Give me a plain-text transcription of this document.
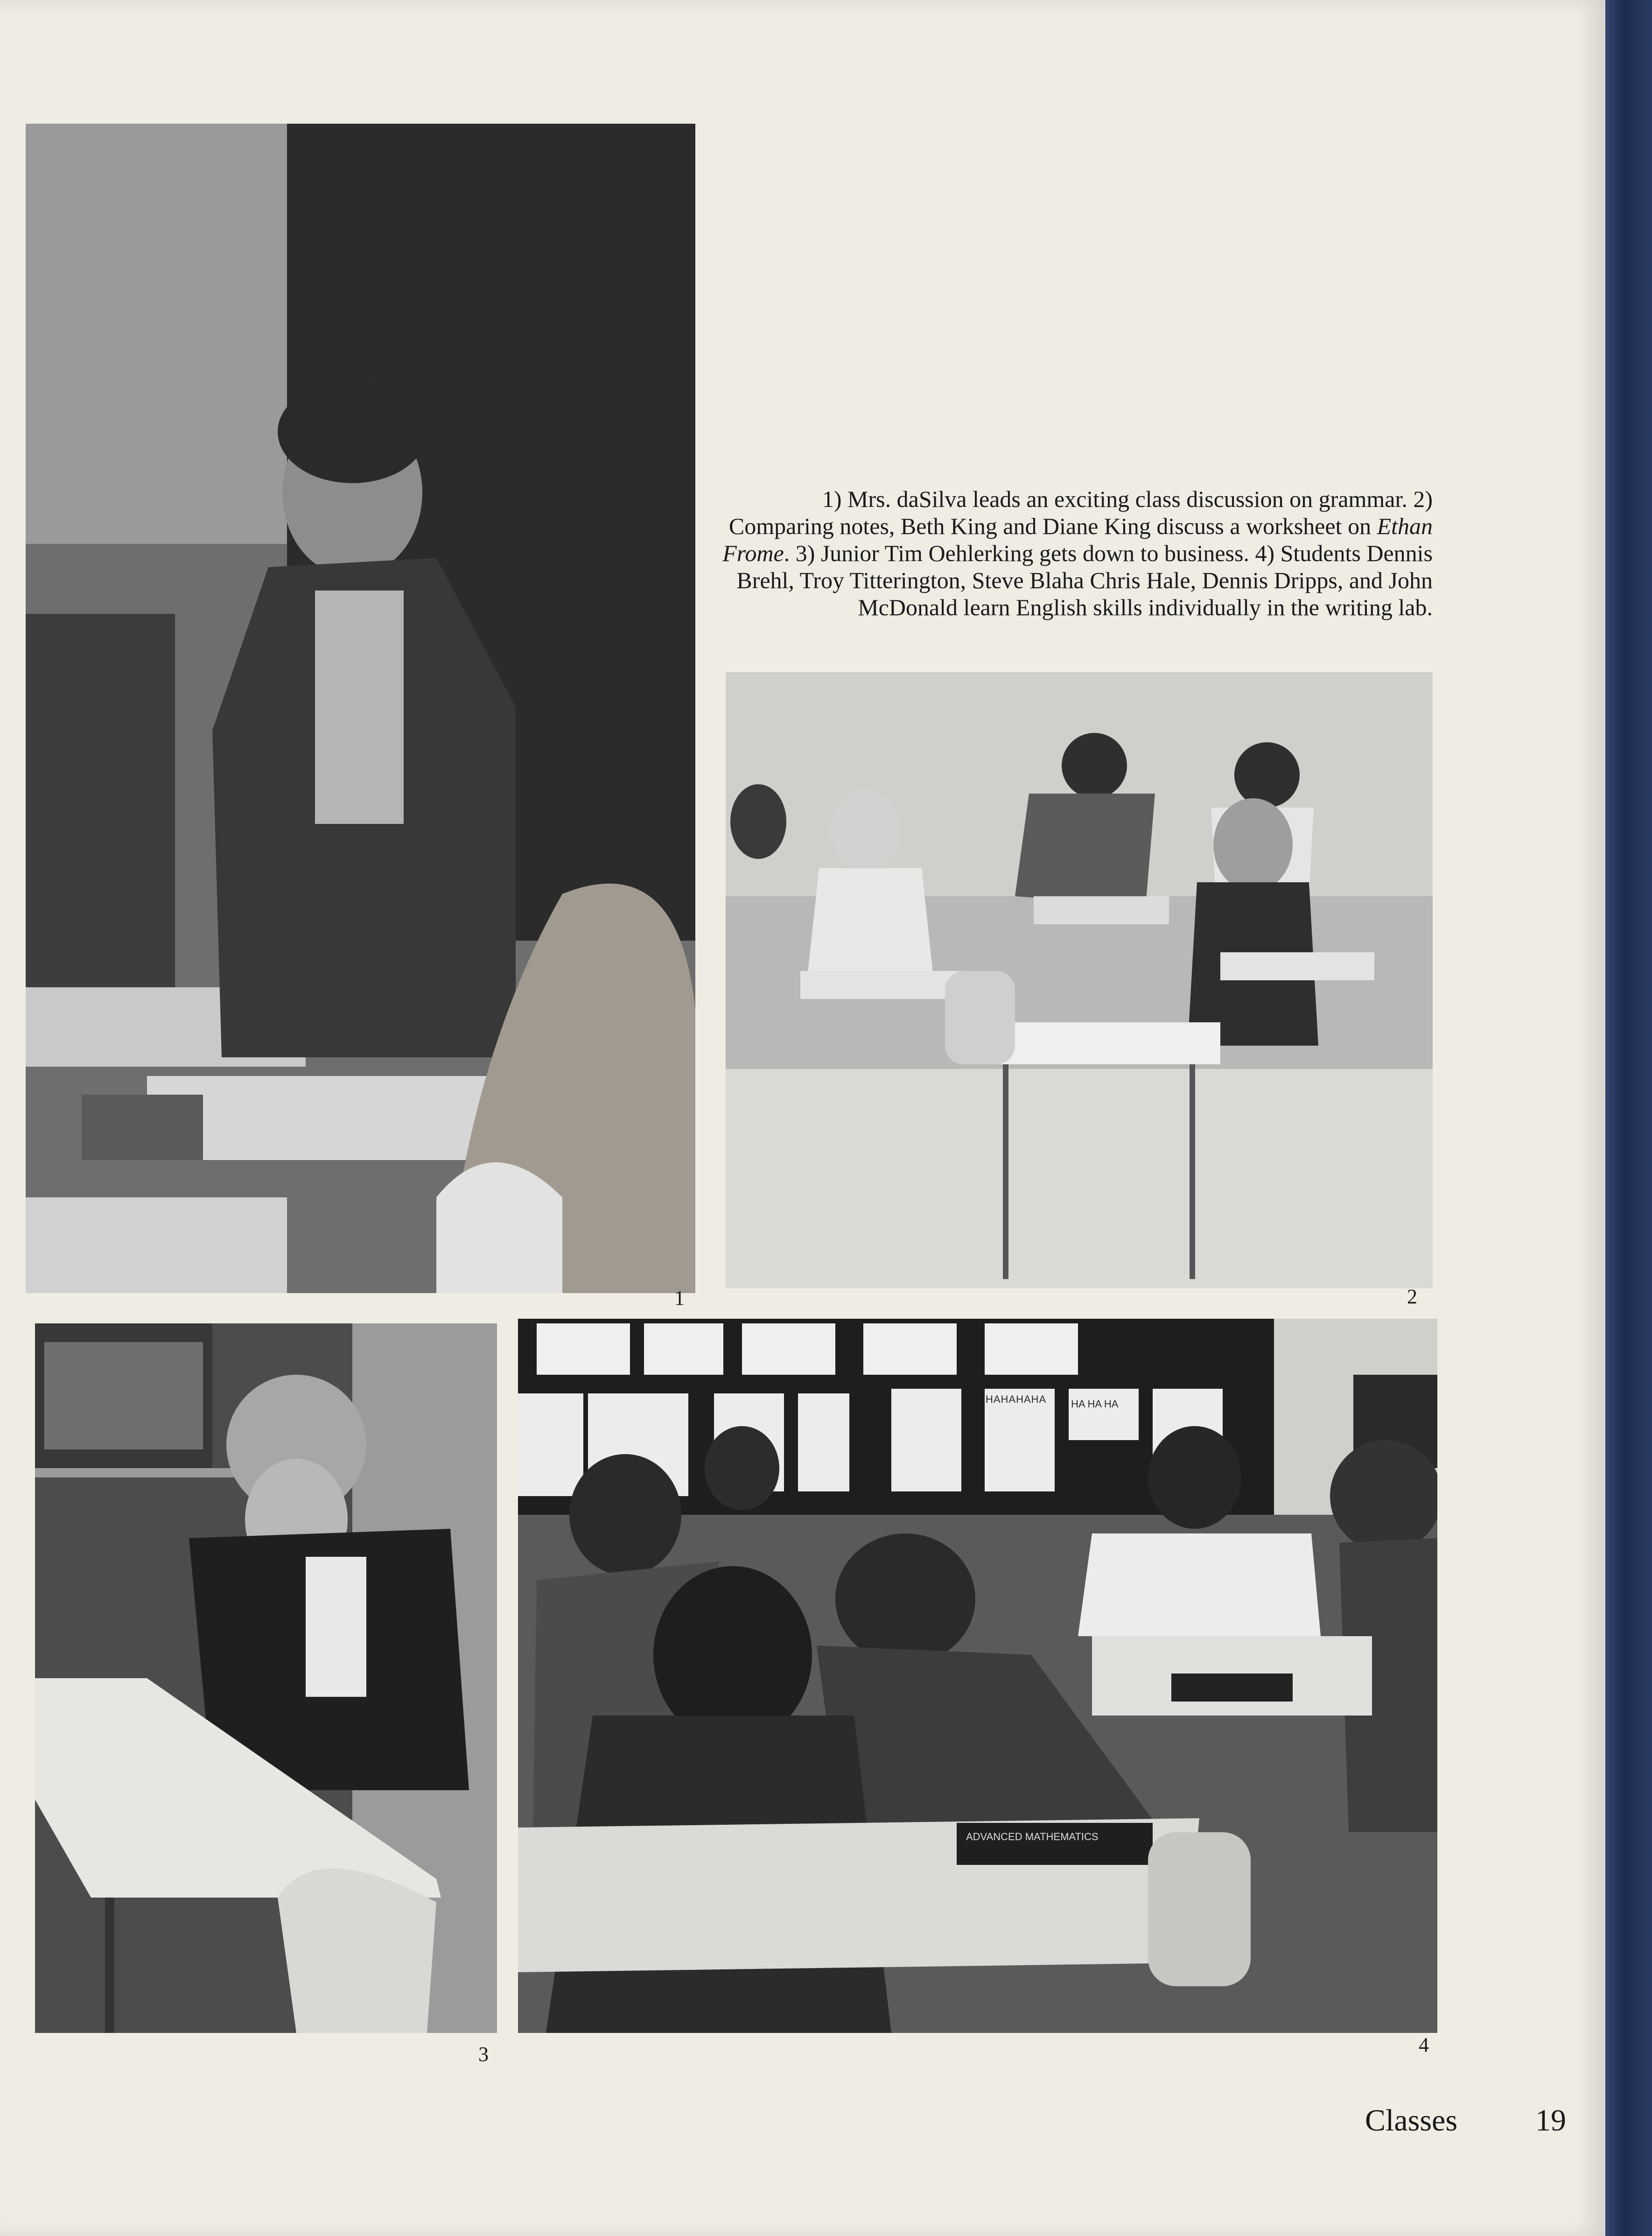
1) Mrs. daSilva leads an exciting class discussion on grammar. 2) Comparing notes, Beth King and Diane King discuss a worksheet on Ethan Frome. 3) Junior Tim Oehlerking gets down to business. 4) Students Dennis Brehl, Troy Titterington, Steve Blaha Chris Hale, Dennis Dripps, and John McDonald learn English skills individually in the writing lab.
1	2
ADVANCED MATHEMATICS
HAHAHAHA	HA HA HA
3	4
Classes	19
